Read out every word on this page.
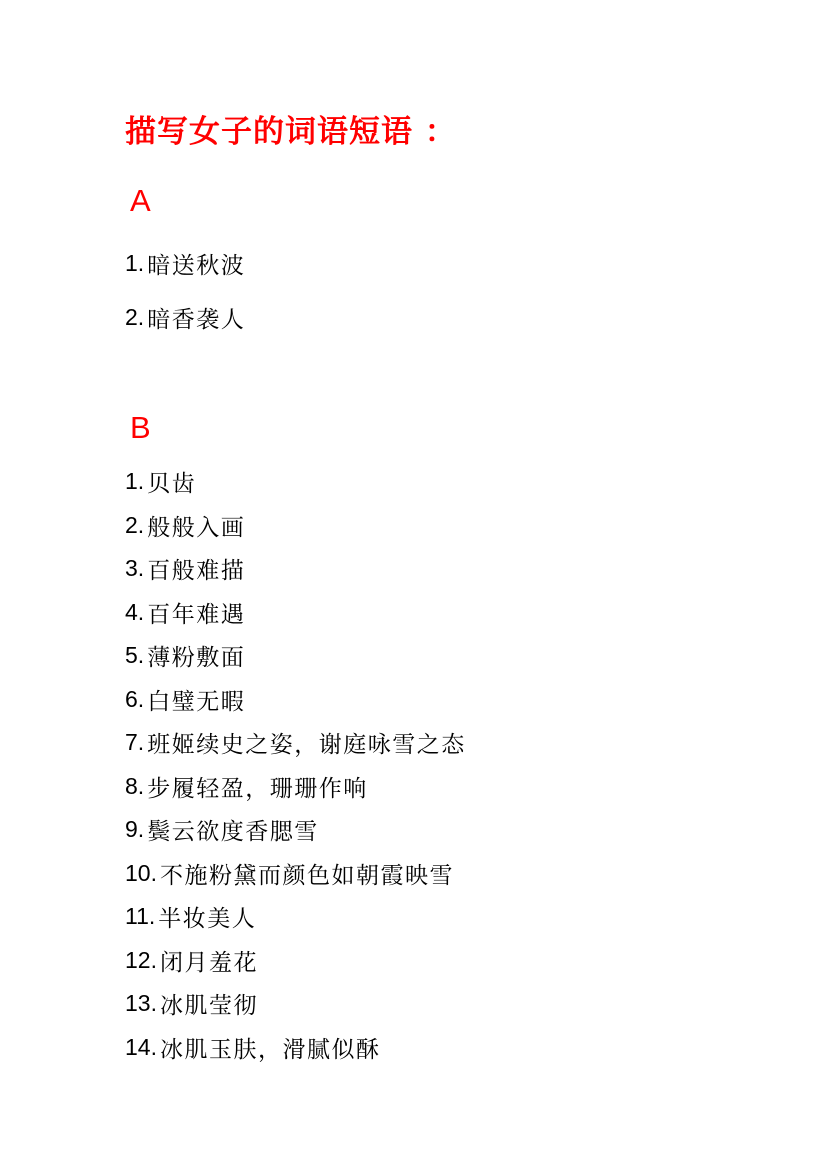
描写女子的词语短语 ：
A
1. 暗送秋波
2. 暗香袭人
B
1. 贝齿
2. 般般入画
3. 百般难描
4. 百年难遇
5. 薄粉敷面
6. 白璧无暇
7. 班姬续史之姿，谢庭咏雪之态
8. 步履轻盈，珊珊作响
9. 鬓云欲度香腮雪
10. 不施粉黛而颜色如朝霞映雪
11. 半妆美人
12. 闭月羞花
13. 冰肌莹彻
14. 冰肌玉肤，滑腻似酥
